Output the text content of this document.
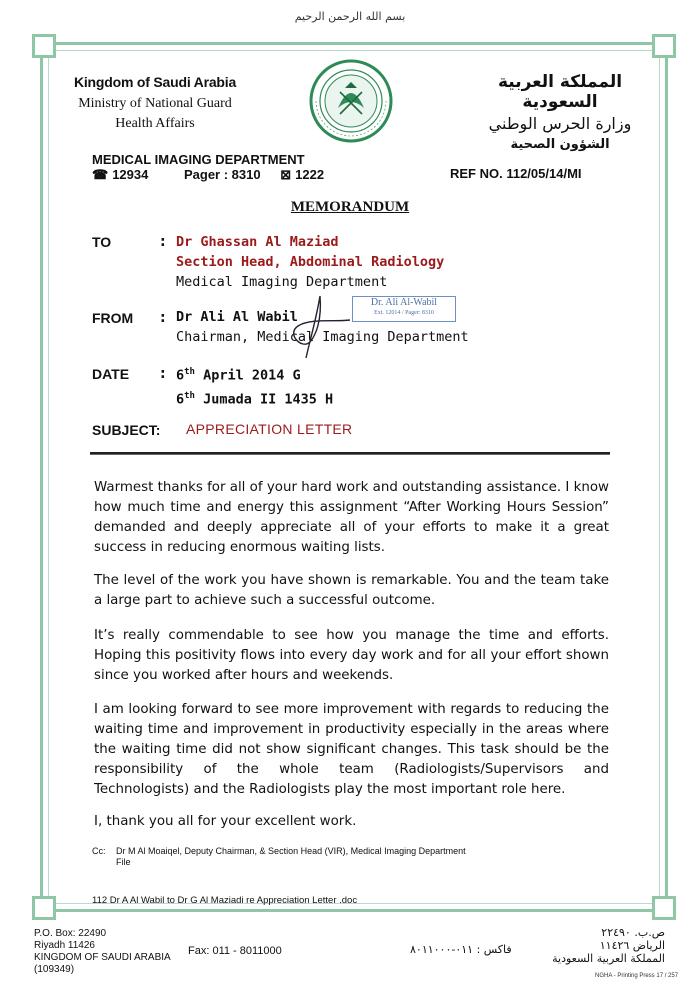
بسم الله الرحمن الرحيم
Kingdom of Saudi Arabia
Ministry of National Guard
Health Affairs
المملكة العربية السعودية
وزارة الحرس الوطني
الشؤون الصحية
MEDICAL IMAGING DEPARTMENT
☎ 12934	Pager : 8310 ⊠ 1222	REF NO. 112/05/14/MI
MEMORANDUM
TO	: Dr Ghassan Al Maziad
Section Head, Abdominal Radiology
Medical Imaging Department
FROM : Dr Ali Al Wabil
Chairman, Medical Imaging Department
Dr. Ali Al-Wabil
Ext. 12014 / Pager: 8310
DATE : 6th April 2014 G
6th Jumada II 1435 H
SUBJECT: APPRECIATION LETTER
Warmest thanks for all of your hard work and outstanding assistance. I know how much time and energy this assignment “After Working Hours Session” demanded and deeply appreciate all of your efforts to make it a great success in reducing enormous waiting lists.
The level of the work you have shown is remarkable. You and the team take a large part to achieve such a successful outcome.
It’s really commendable to see how you manage the time and efforts. Hoping this positivity flows into every day work and for all your effort shown since you worked after hours and weekends.
I am looking forward to see more improvement with regards to reducing the waiting time and improvement in productivity especially in the areas where the waiting time did not show significant changes. This task should be the responsibility of the whole team (Radiologists/Supervisors and Technologists) and the Radiologists play the most important role here.
I, thank you all for your excellent work.
Cc: Dr M Al Moaiqel, Deputy Chairman, & Section Head (VIR), Medical Imaging Department
File
112 Dr A Al Wabil to Dr G Al Maziadi re Appreciation Letter .doc
P.O. Box: 22490
Riyadh 11426
KINGDOM OF SAUDI ARABIA
(109349)
Fax: 011 - 8011000	فاكس : ٠١١-٨٠١١٠٠٠
ص.ب. ٢٢٤٩٠
الرياض ١١٤٢٦
المملكة العربية السعودية
NGHA - Printing Press 17 / 257
